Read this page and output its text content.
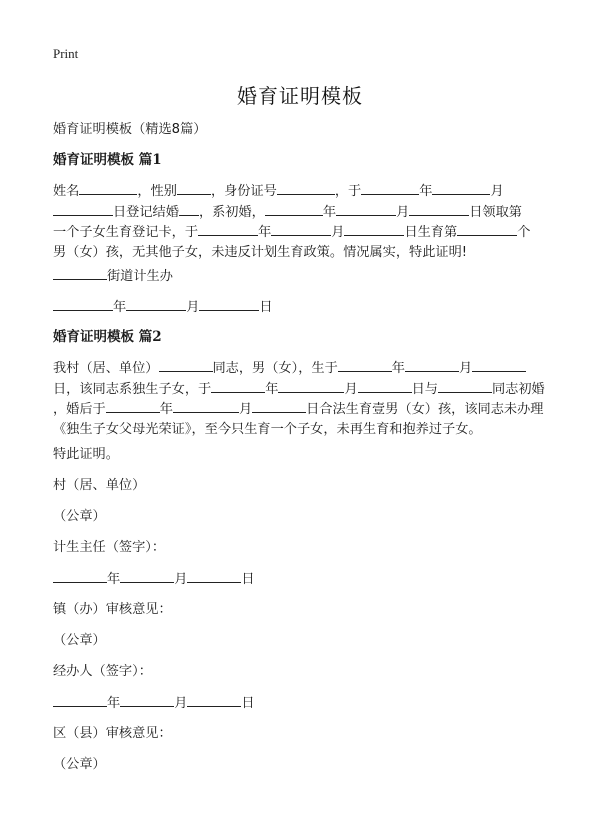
Print
婚育证明模板
婚育证明模板（精选8篇）
婚育证明模板 篇1
姓名	，性别	，身份证号	，于	年	月
日登记结婚 ，系初婚，	年	月	日领取第
一个子女生育登记卡，于	年	月	日生育第	个
男（女）孩，无其他子女，未违反计划生育政策。情况属实，特此证明!
街道计生办
年	月	日
婚育证明模板 篇2
我村（居、单位）	同志，男（女），生于	年	月
日，该同志系独生子女，于	年	月	日与	同志初婚
，婚后于	年	月	日合法生育壹男（女）孩，该同志未办理
《独生子女父母光荣证》，至今只生育一个子女，未再生育和抱养过子女。
特此证明。
村（居、单位）
（公章）
计生主任（签字）：
年	月	日
镇（办）审核意见：
（公章）
经办人（签字）：
年	月	日
区（县）审核意见：
（公章）
